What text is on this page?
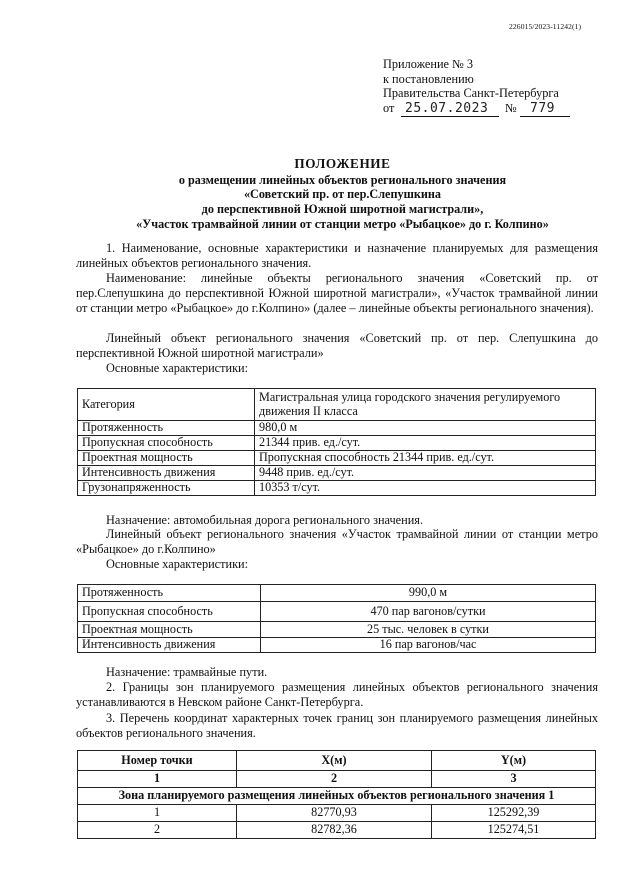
226015/2023-11242(1)
Приложение № 3
к постановлению
Правительства Санкт-Петербурга
от 25.07.2023 № 779
ПОЛОЖЕНИЕ
о размещении линейных объектов регионального значения
«Советский пр. от пер.Слепушкина
до перспективной Южной широтной магистрали»,
«Участок трамвайной линии от станции метро «Рыбацкое» до г. Колпино»
1. Наименование, основные характеристики и назначение планируемых для размещения линейных объектов регионального значения.
Наименование: линейные объекты регионального значения «Советский пр. от пер.Слепушкина до перспективной Южной широтной магистрали», «Участок трамвайной линии от станции метро «Рыбацкое» до г.Колпино» (далее – линейные объекты регионального значения).
Линейный объект регионального значения «Советский пр. от пер. Слепушкина до перспективной Южной широтной магистрали»
Основные характеристики:
Категория	Магистральная улица городского значения регулируемого движения II класса
Протяженность	980,0 м
Пропускная способность	21344 прив. ед./сут.
Проектная мощность	Пропускная способность 21344 прив. ед./сут.
Интенсивность движения	9448 прив. ед./сут.
Грузонапряженность	10353 т/сут.
Назначение: автомобильная дорога регионального значения.
Линейный объект регионального значения «Участок трамвайной линии от станции метро «Рыбацкое» до г.Колпино»
Основные характеристики:
Протяженность	990,0 м
Пропускная способность	470 пар вагонов/сутки
Проектная мощность	25 тыс. человек в сутки
Интенсивность движения	16 пар вагонов/час
Назначение: трамвайные пути.
2. Границы зон планируемого размещения линейных объектов регионального значения устанавливаются в Невском районе Санкт-Петербурга.
3. Перечень координат характерных точек границ зон планируемого размещения линейных объектов регионального значения.
Номер точки	X(м)	Y(м)
1	2	3
Зона планируемого размещения линейных объектов регионального значения 1		
1	82770,93	125292,39
2	82782,36	125274,51
